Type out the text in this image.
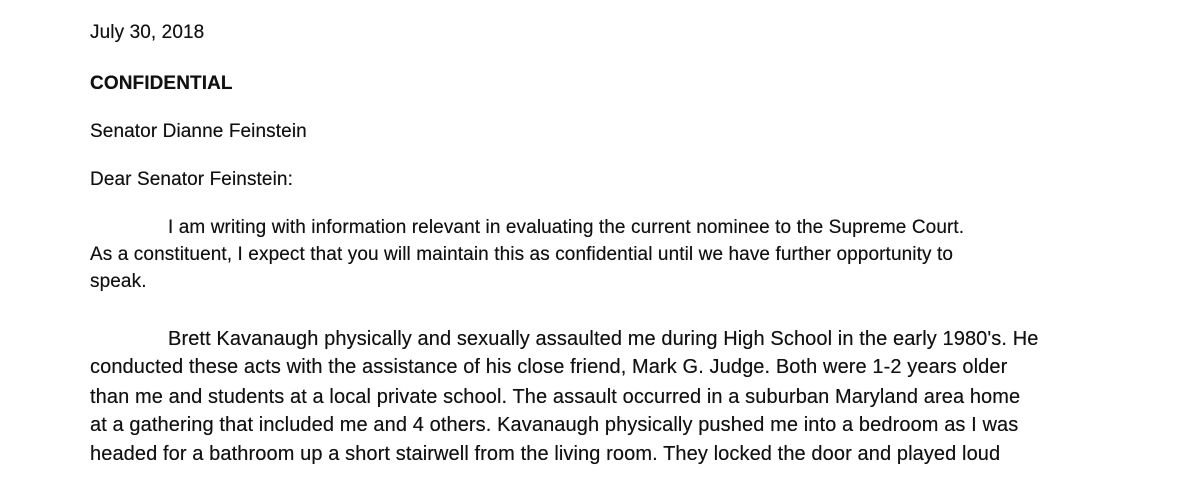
July 30, 2018
CONFIDENTIAL
Senator Dianne Feinstein
Dear Senator Feinstein:
I am writing with information relevant in evaluating the current nominee to the Supreme Court.
As a constituent, I expect that you will maintain this as confidential until we have further opportunity to
speak.
Brett Kavanaugh physically and sexually assaulted me during High School in the early 1980's. He
conducted these acts with the assistance of his close friend, Mark G. Judge. Both were 1-2 years older
than me and students at a local private school. The assault occurred in a suburban Maryland area home
at a gathering that included me and 4 others. Kavanaugh physically pushed me into a bedroom as I was
headed for a bathroom up a short stairwell from the living room. They locked the door and played loud
